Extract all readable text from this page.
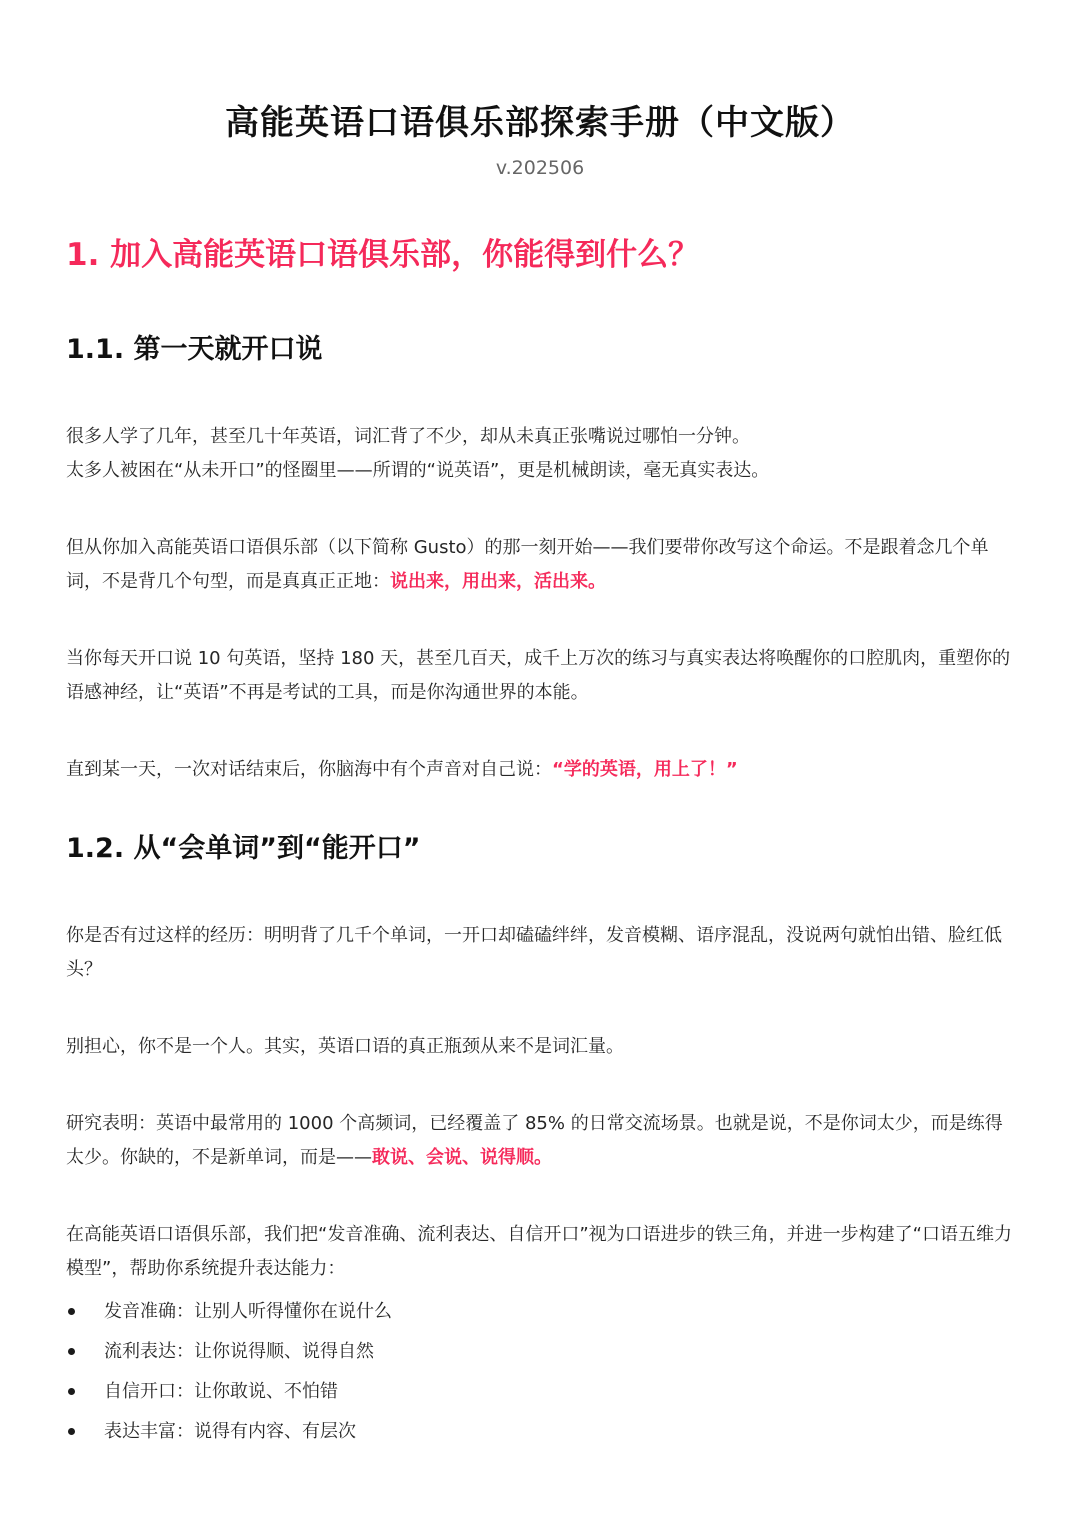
高能英语口语俱乐部探索手册（中文版）
v.202506
1. 加入高能英语口语俱乐部，你能得到什么？
1.1. 第一天就开口说

很多人学了几年，甚至几十年英语，词汇背了不少，却从未真正张嘴说过哪怕一分钟。

太多人被困在“从未开口”的怪圈里——所谓的“说英语”，更是机械朗读，毫无真实表达。

但从你加入高能英语口语俱乐部（以下简称 Gusto）的那一刻开始——我们要带你改写这个命运。不是跟着念几个单词，不是背几个句型，而是真真正正地：说出来，用出来，活出来。

当你每天开口说 10 句英语，坚持 180 天，甚至几百天，成千上万次的练习与真实表达将唤醒你的口腔肌肉，重塑你的语感神经，让“英语”不再是考试的工具，而是你沟通世界的本能。

直到某一天，一次对话结束后，你脑海中有个声音对自己说：“学的英语，用上了！”

1.2. 从“会单词”到“能开口”

你是否有过这样的经历：明明背了几千个单词，一开口却磕磕绊绊，发音模糊、语序混乱，没说两句就怕出错、脸红低头？

别担心，你不是一个人。其实，英语口语的真正瓶颈从来不是词汇量。

研究表明：英语中最常用的 1000 个高频词，已经覆盖了 85% 的日常交流场景。也就是说，不是你词太少，而是练得太少。你缺的，不是新单词，而是——敢说、会说、说得顺。

在高能英语口语俱乐部，我们把“发音准确、流利表达、自信开口”视为口语进步的铁三角，并进一步构建了“口语五维力模型”，帮助你系统提升表达能力：

发音准确：让别人听得懂你在说什么
流利表达：让你说得顺、说得自然
自信开口：让你敢说、不怕错
表达丰富：说得有内容、有层次
